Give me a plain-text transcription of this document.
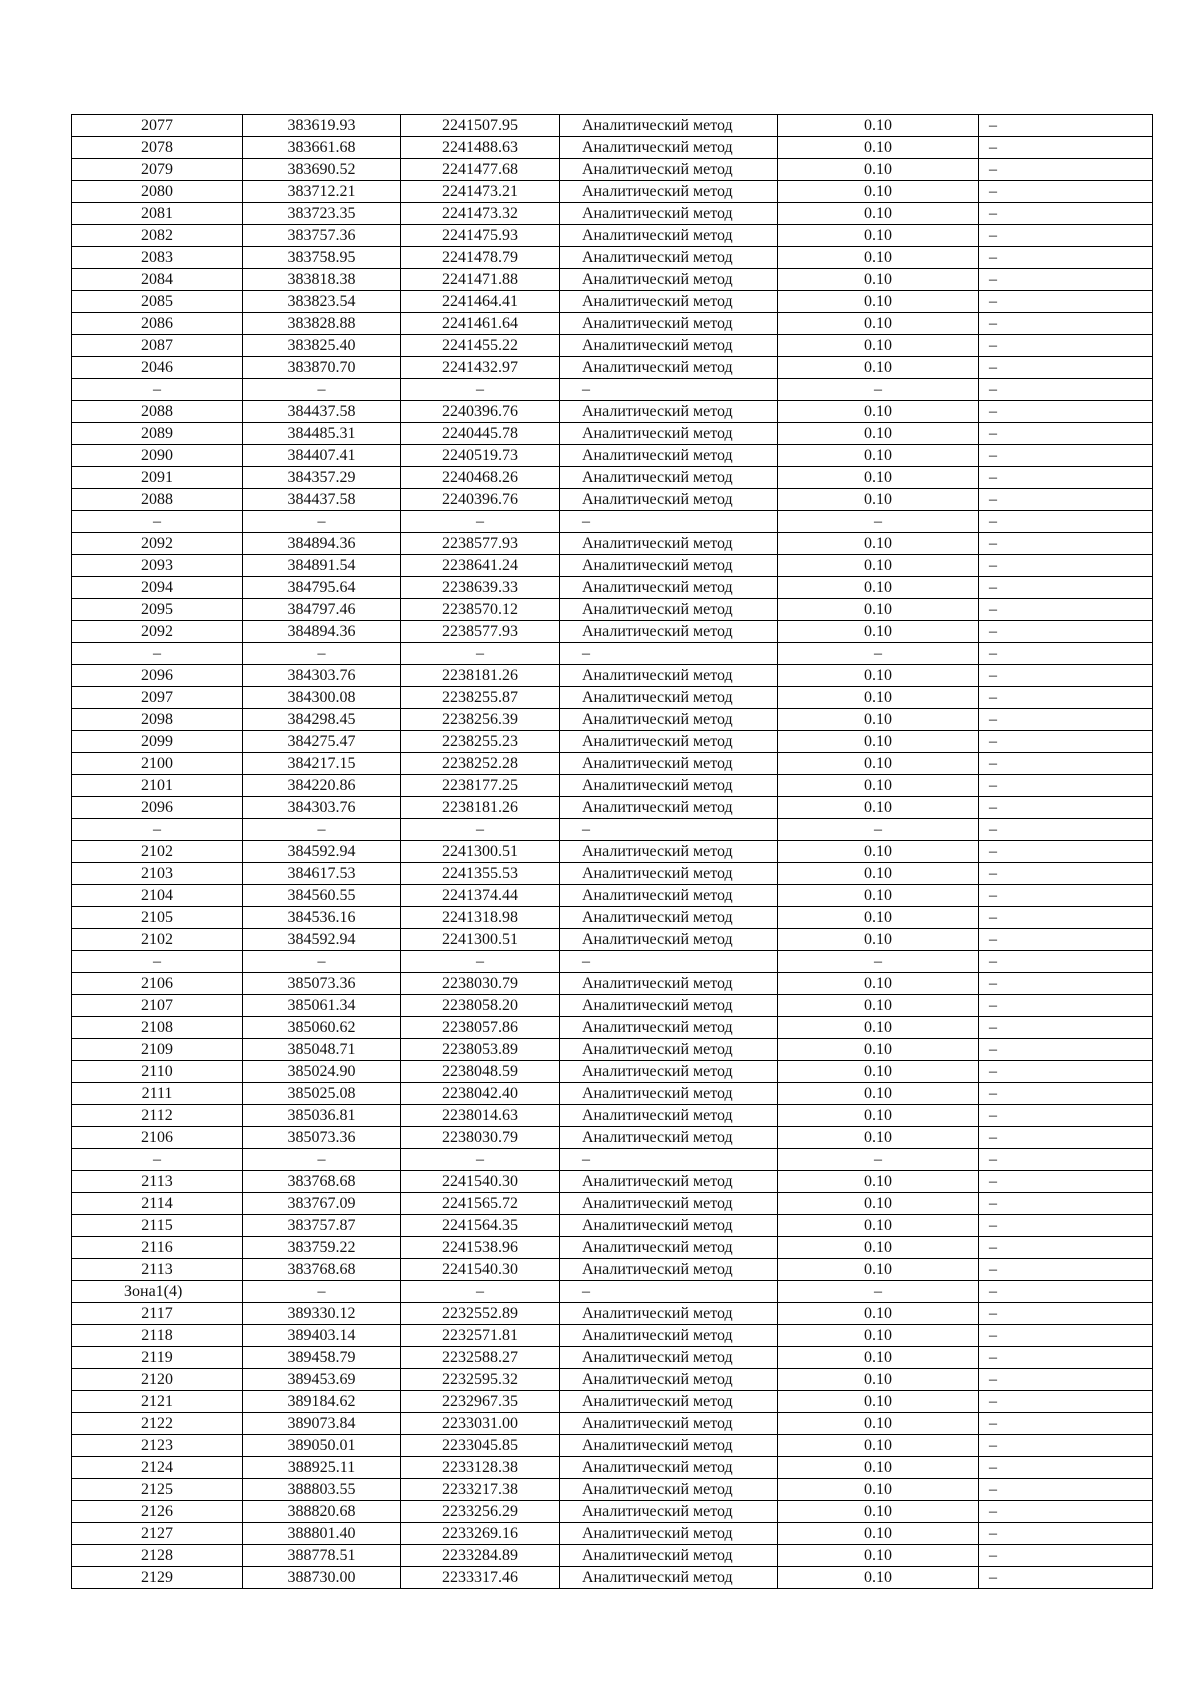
2077	383619.93	2241507.95	Аналитический метод	0.10	–
2078	383661.68	2241488.63	Аналитический метод	0.10	–
2079	383690.52	2241477.68	Аналитический метод	0.10	–
2080	383712.21	2241473.21	Аналитический метод	0.10	–
2081	383723.35	2241473.32	Аналитический метод	0.10	–
2082	383757.36	2241475.93	Аналитический метод	0.10	–
2083	383758.95	2241478.79	Аналитический метод	0.10	–
2084	383818.38	2241471.88	Аналитический метод	0.10	–
2085	383823.54	2241464.41	Аналитический метод	0.10	–
2086	383828.88	2241461.64	Аналитический метод	0.10	–
2087	383825.40	2241455.22	Аналитический метод	0.10	–
2046	383870.70	2241432.97	Аналитический метод	0.10	–
–	–	–	–	–	–
2088	384437.58	2240396.76	Аналитический метод	0.10	–
2089	384485.31	2240445.78	Аналитический метод	0.10	–
2090	384407.41	2240519.73	Аналитический метод	0.10	–
2091	384357.29	2240468.26	Аналитический метод	0.10	–
2088	384437.58	2240396.76	Аналитический метод	0.10	–
–	–	–	–	–	–
2092	384894.36	2238577.93	Аналитический метод	0.10	–
2093	384891.54	2238641.24	Аналитический метод	0.10	–
2094	384795.64	2238639.33	Аналитический метод	0.10	–
2095	384797.46	2238570.12	Аналитический метод	0.10	–
2092	384894.36	2238577.93	Аналитический метод	0.10	–
–	–	–	–	–	–
2096	384303.76	2238181.26	Аналитический метод	0.10	–
2097	384300.08	2238255.87	Аналитический метод	0.10	–
2098	384298.45	2238256.39	Аналитический метод	0.10	–
2099	384275.47	2238255.23	Аналитический метод	0.10	–
2100	384217.15	2238252.28	Аналитический метод	0.10	–
2101	384220.86	2238177.25	Аналитический метод	0.10	–
2096	384303.76	2238181.26	Аналитический метод	0.10	–
–	–	–	–	–	–
2102	384592.94	2241300.51	Аналитический метод	0.10	–
2103	384617.53	2241355.53	Аналитический метод	0.10	–
2104	384560.55	2241374.44	Аналитический метод	0.10	–
2105	384536.16	2241318.98	Аналитический метод	0.10	–
2102	384592.94	2241300.51	Аналитический метод	0.10	–
–	–	–	–	–	–
2106	385073.36	2238030.79	Аналитический метод	0.10	–
2107	385061.34	2238058.20	Аналитический метод	0.10	–
2108	385060.62	2238057.86	Аналитический метод	0.10	–
2109	385048.71	2238053.89	Аналитический метод	0.10	–
2110	385024.90	2238048.59	Аналитический метод	0.10	–
2111	385025.08	2238042.40	Аналитический метод	0.10	–
2112	385036.81	2238014.63	Аналитический метод	0.10	–
2106	385073.36	2238030.79	Аналитический метод	0.10	–
–	–	–	–	–	–
2113	383768.68	2241540.30	Аналитический метод	0.10	–
2114	383767.09	2241565.72	Аналитический метод	0.10	–
2115	383757.87	2241564.35	Аналитический метод	0.10	–
2116	383759.22	2241538.96	Аналитический метод	0.10	–
2113	383768.68	2241540.30	Аналитический метод	0.10	–
Зона1(4)	–	–	–	–	–
2117	389330.12	2232552.89	Аналитический метод	0.10	–
2118	389403.14	2232571.81	Аналитический метод	0.10	–
2119	389458.79	2232588.27	Аналитический метод	0.10	–
2120	389453.69	2232595.32	Аналитический метод	0.10	–
2121	389184.62	2232967.35	Аналитический метод	0.10	–
2122	389073.84	2233031.00	Аналитический метод	0.10	–
2123	389050.01	2233045.85	Аналитический метод	0.10	–
2124	388925.11	2233128.38	Аналитический метод	0.10	–
2125	388803.55	2233217.38	Аналитический метод	0.10	–
2126	388820.68	2233256.29	Аналитический метод	0.10	–
2127	388801.40	2233269.16	Аналитический метод	0.10	–
2128	388778.51	2233284.89	Аналитический метод	0.10	–
2129	388730.00	2233317.46	Аналитический метод	0.10	–
